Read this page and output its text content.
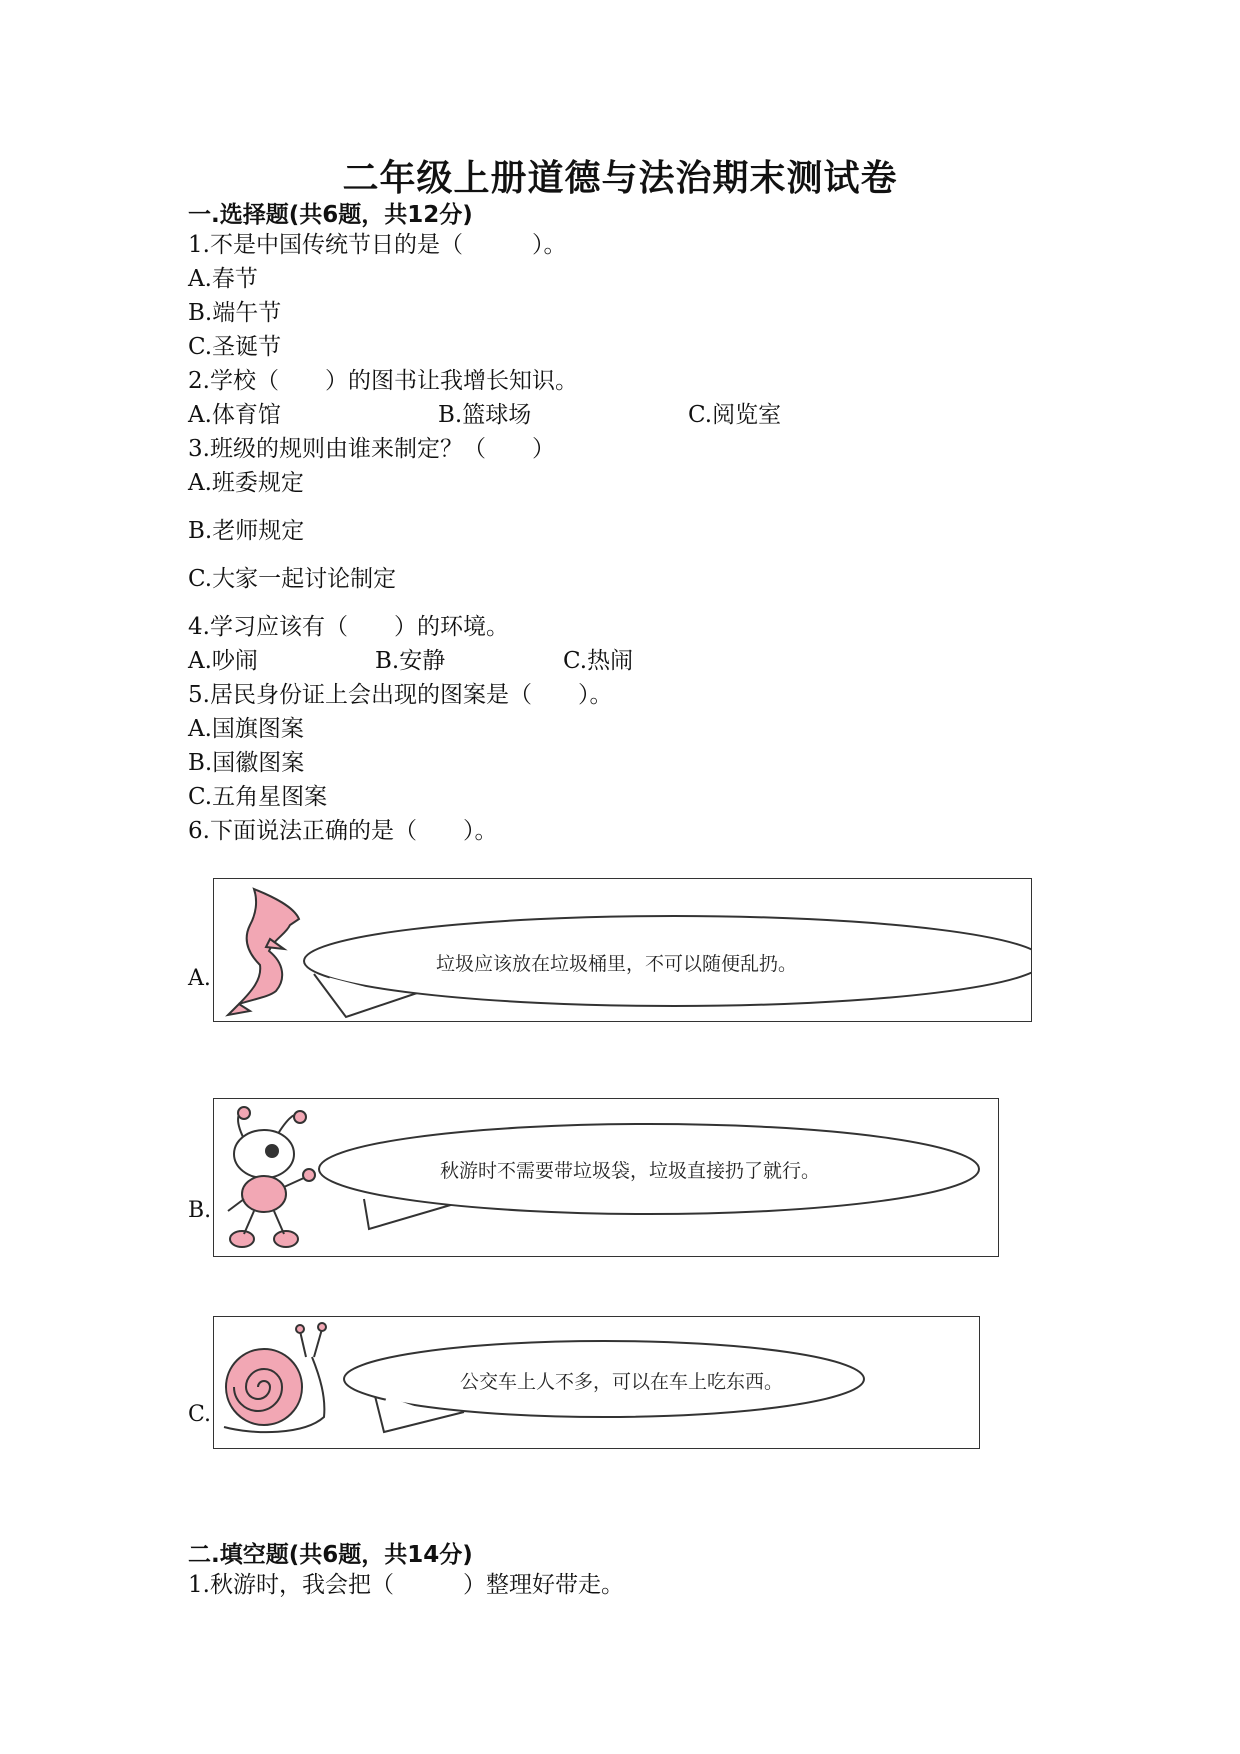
二年级上册道德与法治期末测试卷
一.选择题(共6题，共12分)
1.不是中国传统节日的是（　　　）。
A.春节
B.端午节
C.圣诞节
2.学校（　　）的图书让我增长知识。
A.体育馆	B.篮球场	C.阅览室
3.班级的规则由谁来制定？（　　）
A.班委规定
B.老师规定
C.大家一起讨论制定
4.学习应该有（　　）的环境。
A.吵闹	B.安静	C.热闹
5.居民身份证上会出现的图案是（　　）。
A.国旗图案
B.国徽图案
C.五角星图案
6.下面说法正确的是（　　）。
A.
垃圾应该放在垃圾桶里，不可以随便乱扔。
B.
秋游时不需要带垃圾袋，垃圾直接扔了就行。
C.
公交车上人不多，可以在车上吃东西。
二.填空题(共6题，共14分)
1.秋游时，我会把（　　　）整理好带走。
